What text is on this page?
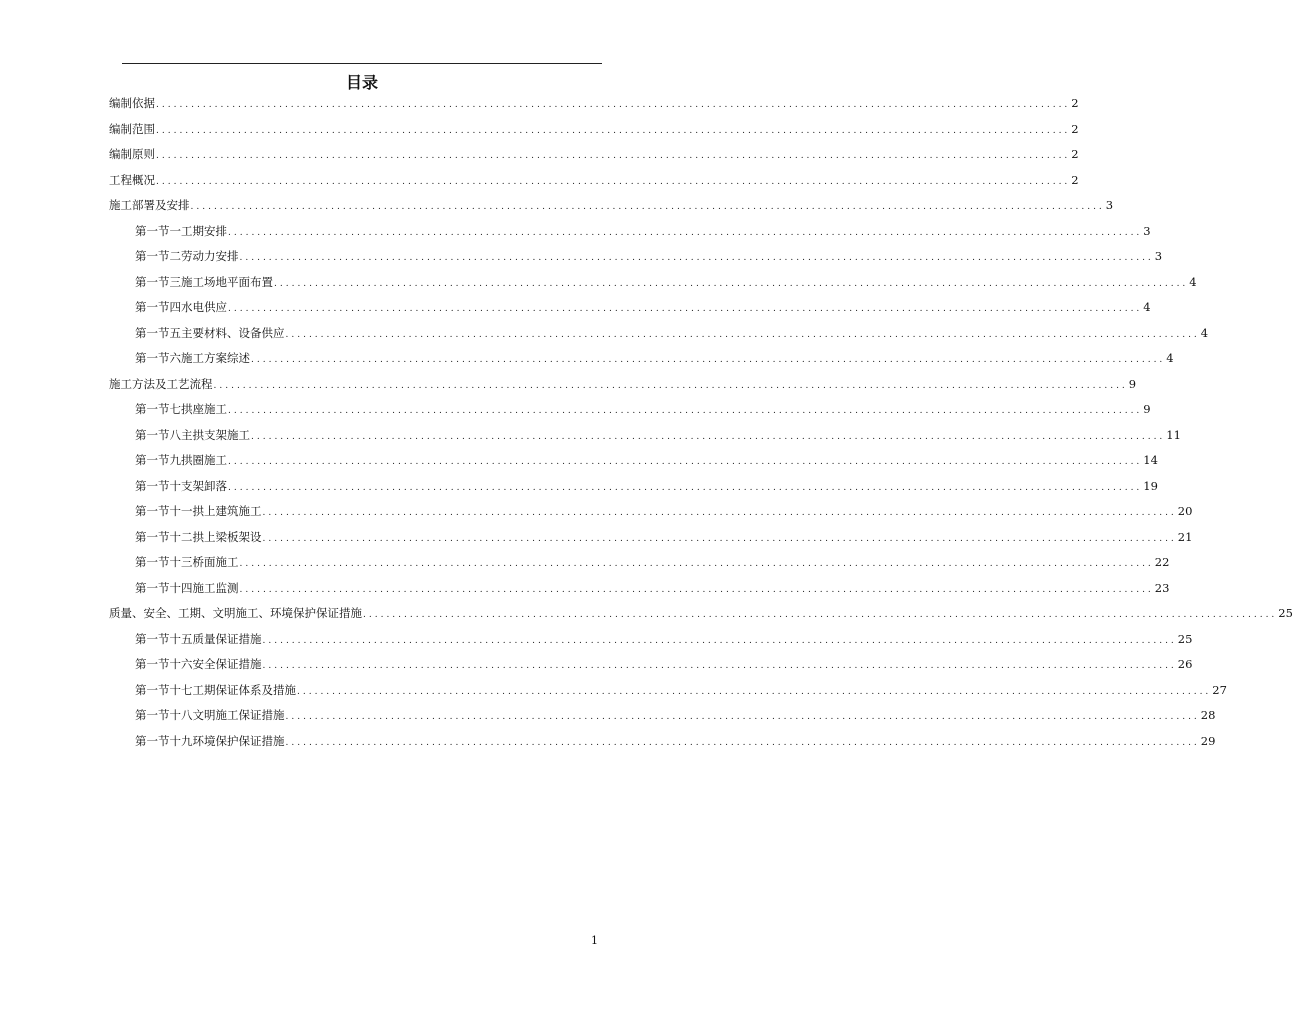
目录
编制依据 ............................................................................................................................................................ 2
编制范围 ............................................................................................................................................................ 2
编制原则 ............................................................................................................................................................ 2
工程概况 ............................................................................................................................................................ 2
施工部署及安排 ............................................................................................................................................................ 3
第一节一 工期安排 ............................................................................................................................................................ 3
第一节二 劳动力安排 ............................................................................................................................................................ 3
第一节三 施工场地平面布置 ............................................................................................................................................................ 4
第一节四 水电供应 ............................................................................................................................................................ 4
第一节五 主要材料、设备供应 ............................................................................................................................................................ 4
第一节六 施工方案综述 ............................................................................................................................................................ 4
施工方法及工艺流程 ............................................................................................................................................................ 9
第一节七 拱座施工 ............................................................................................................................................................ 9
第一节八 主拱支架施工 ............................................................................................................................................................ 11
第一节九 拱圈施工 ............................................................................................................................................................ 14
第一节十 支架卸落 ............................................................................................................................................................ 19
第一节十一 拱上建筑施工 ............................................................................................................................................................ 20
第一节十二 拱上梁板架设 ............................................................................................................................................................ 21
第一节十三 桥面施工 ............................................................................................................................................................ 22
第一节十四 施工监测 ............................................................................................................................................................ 23
质量、安全、工期、文明施工、环境保护保证措施 ............................................................................................................................................................ 25
第一节十五 质量保证措施 ............................................................................................................................................................ 25
第一节十六 安全保证措施 ............................................................................................................................................................ 26
第一节十七 工期保证体系及措施 ............................................................................................................................................................ 27
第一节十八 文明施工保证措施 ............................................................................................................................................................ 28
第一节十九 环境保护保证措施 ............................................................................................................................................................ 29
1
